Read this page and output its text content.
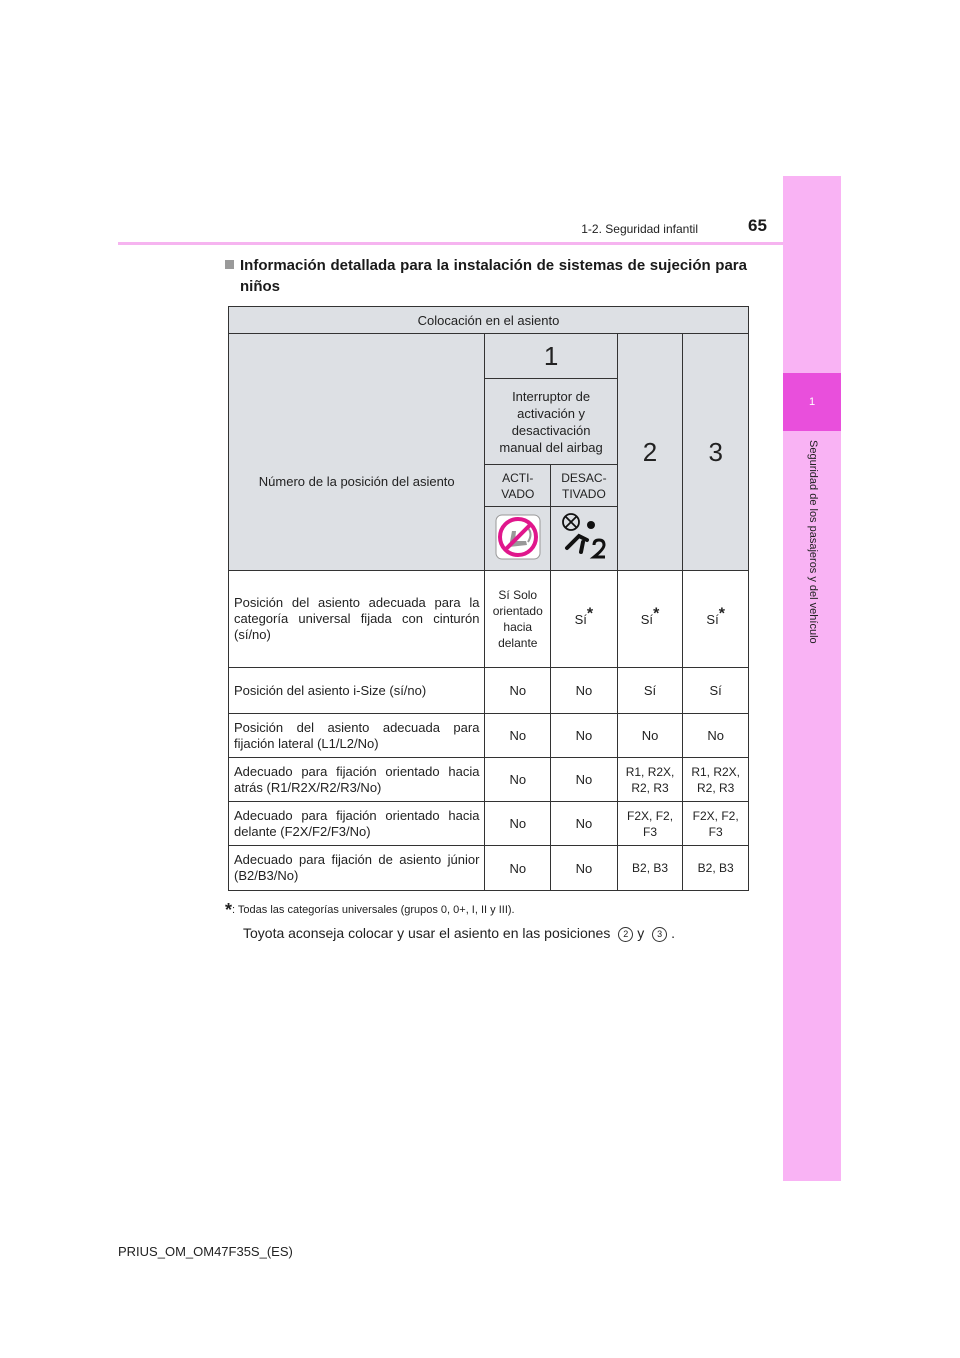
1
Seguridad de los pasajeros y del vehículo
65
1-2. Seguridad infantil
Información detallada para la instalación de sistemas de sujeción para niños
Colocación en el asiento				
Número de la posición del asiento	1		2	3
	Interruptor de activación y desactivación manual del airbag			
	ACTI-VADO	DESAC-TIVADO		

Posición del asiento adecuada para la categoría universal fijada con cinturón (sí/no)	Sí Solo orientado hacia delante	Sí*	Sí*	Sí*
Posición del asiento i-Size (sí/no)	No	No	Sí	Sí
Posición del asiento adecuada para fijación lateral (L1/L2/No)	No	No	No	No
Adecuado para fijación orientado hacia atrás (R1/R2X/R2/R3/No)	No	No	R1, R2X, R2, R3	R1, R2X, R2, R3
Adecuado para fijación orientado hacia delante (F2X/F2/F3/No)	No	No	F2X, F2, F3	F2X, F2, F3
Adecuado para fijación de asiento júnior (B2/B3/No)	No	No	B2, B3	B2, B3
*: Todas las categorías universales (grupos 0, 0+, I, II y III).
Toyota aconseja colocar y usar el asiento en las posiciones 2 y 3 .
PRIUS_OM_OM47F35S_(ES)
